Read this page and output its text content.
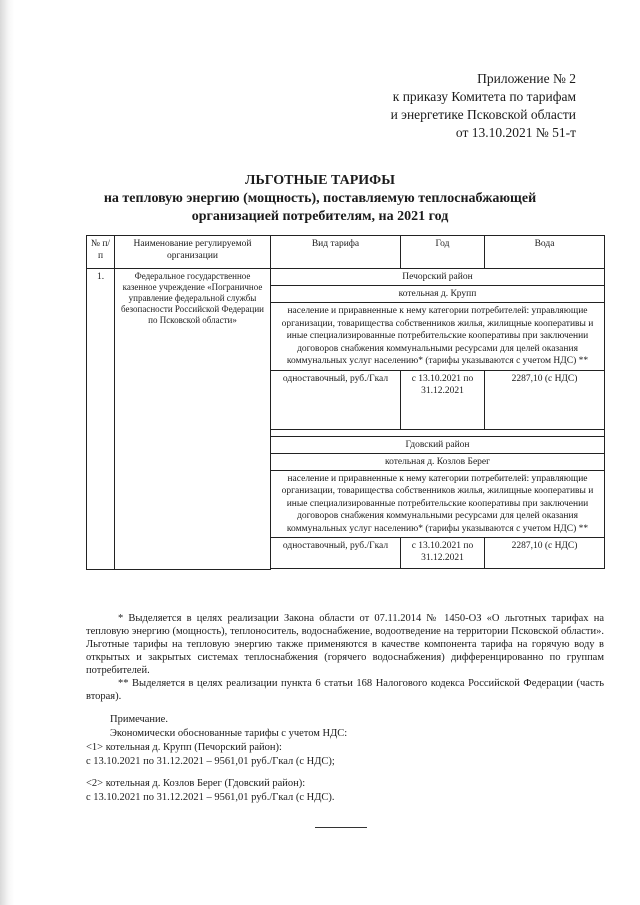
Приложение № 2
к приказу Комитета по тарифам
и энергетике Псковской области
от 13.10.2021 № 51-т
ЛЬГОТНЫЕ ТАРИФЫ
на тепловую энергию (мощность), поставляемую теплоснабжающей
организацией потребителям, на 2021 год
№ п/п	Наименование регулируемой организации	Вид тарифа	Год	Вода
1.	Федеральное государственное казенное учреждение «Пограничное управление федеральной службы безопасности Российской Федерации по Псковской области»	Печорский район		
		котельная д. Крупп		
		население и приравненные к нему категории потребителей: управляющие организации, товарищества собственников жилья, жилищные кооперативы и иные специализированные потребительские кооперативы при заключении договоров снабжения коммунальными ресурсами для целей оказания коммунальных услуг населению* (тарифы указываются с учетом НДС) **		
		одноставочный, руб./Гкал	с 13.10.2021 по 31.12.2021	2287,10 (с НДС)

		Гдовский район		
		котельная д. Козлов Берег		
		население и приравненные к нему категории потребителей: управляющие организации, товарищества собственников жилья, жилищные кооперативы и иные специализированные потребительские кооперативы при заключении договоров снабжения коммунальными ресурсами для целей оказания коммунальных услуг населению* (тарифы указываются с учетом НДС) **		
		одноставочный, руб./Гкал	с 13.10.2021 по 31.12.2021	2287,10 (с НДС)

* Выделяется в целях реализации Закона области от 07.11.2014 № 1450-ОЗ «О льготных тарифах на тепловую энергию (мощность), теплоноситель, водоснабжение, водоотведение на территории Псковской области». Льготные тарифы на тепловую энергию также применяются в качестве компонента тарифа на горячую воду в открытых и закрытых системах теплоснабжения (горячего водоснабжения) дифференцированно по группам потребителей.

** Выделяется в целях реализации пункта 6 статьи 168 Налогового кодекса Российской Федерации (часть вторая).

Примечание.
Экономически обоснованные тарифы с учетом НДС:
<1> котельная д. Крупп (Печорский район):
с 13.10.2021 по 31.12.2021 – 9561,01 руб./Гкал (с НДС);
<2> котельная д. Козлов Берег (Гдовский район):
с 13.10.2021 по 31.12.2021 – 9561,01 руб./Гкал (с НДС).
